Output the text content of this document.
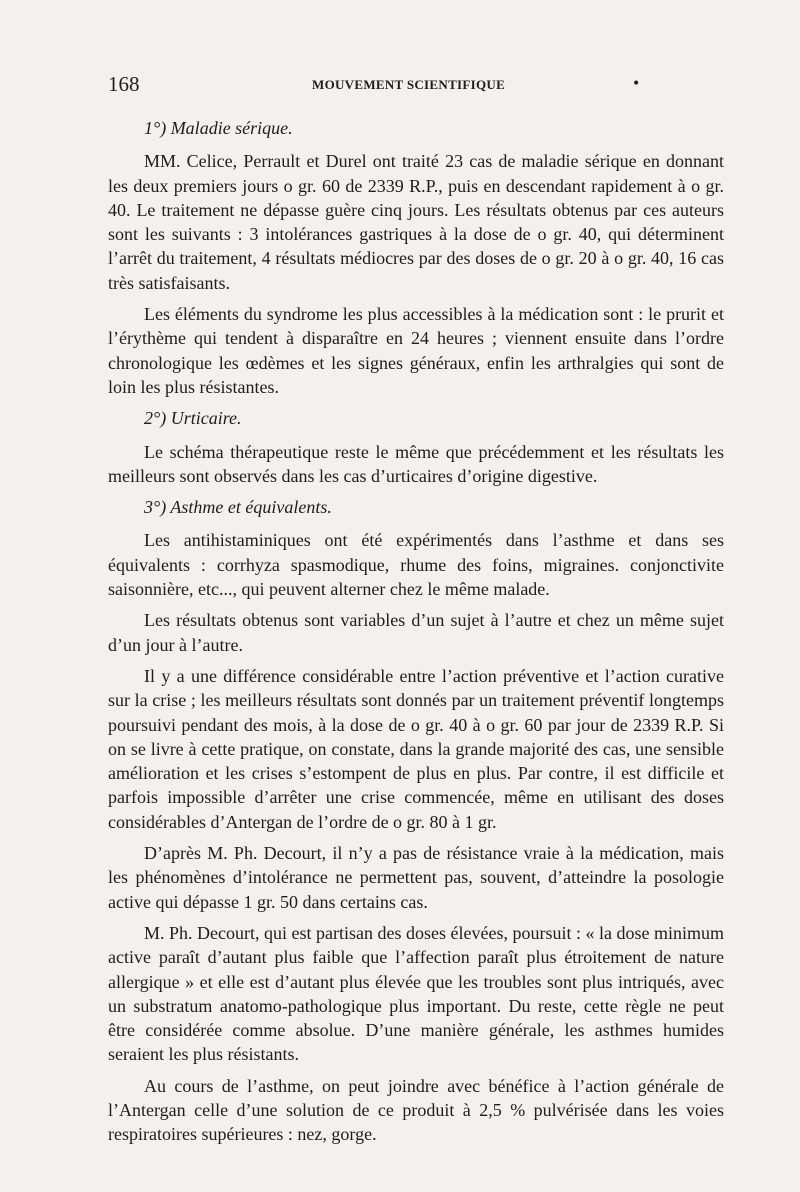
168	MOUVEMENT SCIENTIFIQUE	•

1°) Maladie sérique.

MM. Celice, Perrault et Durel ont traité 23 cas de maladie sérique en donnant les deux premiers jours o gr. 60 de 2339 R.P., puis en descendant rapidement à o gr. 40. Le traitement ne dépasse guère cinq jours. Les résultats obtenus par ces auteurs sont les suivants : 3 intolérances gastriques à la dose de o gr. 40, qui déterminent l’arrêt du traitement, 4 résultats médiocres par des doses de o gr. 20 à o gr. 40, 16 cas très satisfaisants.

Les éléments du syndrome les plus accessibles à la médication sont : le prurit et l’érythème qui tendent à disparaître en 24 heures ; viennent ensuite dans l’ordre chronologique les œdèmes et les signes généraux, enfin les arthralgies qui sont de loin les plus résistantes.

2°) Urticaire.

Le schéma thérapeutique reste le même que précédemment et les résultats les meilleurs sont observés dans les cas d’urticaires d’origine digestive.

3°) Asthme et équivalents.

Les antihistaminiques ont été expérimentés dans l’asthme et dans ses équivalents : corrhyza spasmodique, rhume des foins, migraines. conjonctivite saisonnière, etc..., qui peuvent alterner chez le même malade.

Les résultats obtenus sont variables d’un sujet à l’autre et chez un même sujet d’un jour à l’autre.

Il y a une différence considérable entre l’action préventive et l’action curative sur la crise ; les meilleurs résultats sont donnés par un traitement préventif longtemps poursuivi pendant des mois, à la dose de o gr. 40 à o gr. 60 par jour de 2339 R.P. Si on se livre à cette pratique, on constate, dans la grande majorité des cas, une sensible amélioration et les crises s’estompent de plus en plus. Par contre, il est difficile et parfois impossible d’arrêter une crise commencée, même en utilisant des doses considérables d’Antergan de l’ordre de o gr. 80 à 1 gr.

D’après M. Ph. Decourt, il n’y a pas de résistance vraie à la médication, mais les phénomènes d’intolérance ne permettent pas, souvent, d’atteindre la posologie active qui dépasse 1 gr. 50 dans certains cas.

M. Ph. Decourt, qui est partisan des doses élevées, poursuit : « la dose minimum active paraît d’autant plus faible que l’affection paraît plus étroitement de nature allergique » et elle est d’autant plus élevée que les troubles sont plus intriqués, avec un substratum anatomo-pathologique plus important. Du reste, cette règle ne peut être considérée comme absolue. D’une manière générale, les asthmes humides seraient les plus résistants.

Au cours de l’asthme, on peut joindre avec bénéfice à l’action générale de l’Antergan celle d’une solution de ce produit à 2,5 % pulvérisée dans les voies respiratoires supérieures : nez, gorge.
